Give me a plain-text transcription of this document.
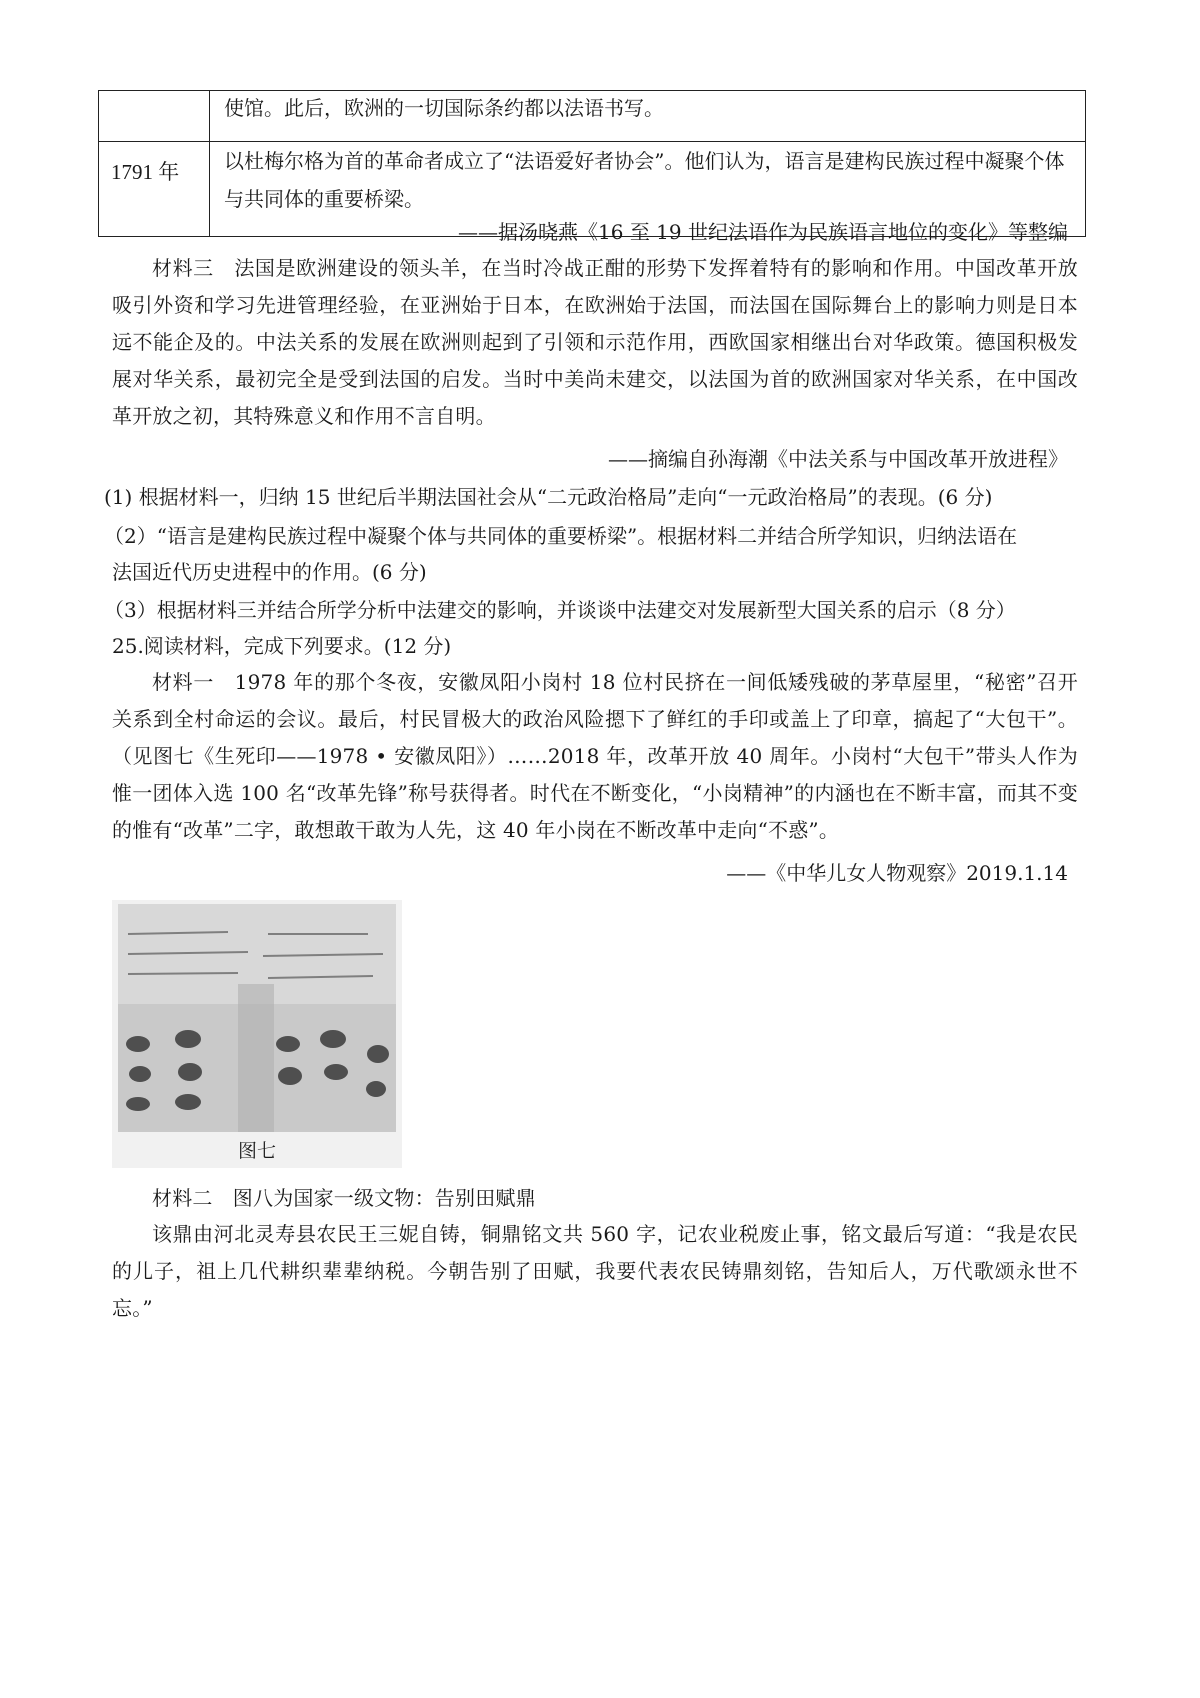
	使馆。此后，欧洲的一切国际条约都以法语书写。
1791 年	以杜梅尔格为首的革命者成立了“法语爱好者协会”。他们认为，语言是建构民族过程中凝聚个体与共同体的重要桥梁。

——据汤晓燕《16 至 19 世纪法语作为民族语言地位的变化》等整编

材料三　法国是欧洲建设的领头羊，在当时冷战正酣的形势下发挥着特有的影响和作用。中国改革开放吸引外资和学习先进管理经验，在亚洲始于日本，在欧洲始于法国，而法国在国际舞台上的影响力则是日本远不能企及的。中法关系的发展在欧洲则起到了引领和示范作用，西欧国家相继出台对华政策。德国积极发展对华关系，最初完全是受到法国的启发。当时中美尚未建交，以法国为首的欧洲国家对华关系，在中国改革开放之初，其特殊意义和作用不言自明。

——摘编自孙海潮《中法关系与中国改革开放进程》

(1) 根据材料一，归纳 15 世纪后半期法国社会从“二元政治格局”走向“一元政治格局”的表现。(6 分)

（2）“语言是建构民族过程中凝聚个体与共同体的重要桥梁”。根据材料二并结合所学知识，归纳法语在

法国近代历史进程中的作用。(6 分)

（3）根据材料三并结合所学分析中法建交的影响，并谈谈中法建交对发展新型大国关系的启示（8 分）

25.阅读材料，完成下列要求。(12 分)

材料一　1978 年的那个冬夜，安徽凤阳小岗村 18 位村民挤在一间低矮残破的茅草屋里，“秘密”召开关系到全村命运的会议。最后，村民冒极大的政治风险摁下了鲜红的手印或盖上了印章，搞起了“大包干”。（见图七《生死印——1978 • 安徽凤阳》）……2018 年，改革开放 40 周年。小岗村“大包干”带头人作为惟一团体入选 100 名“改革先锋”称号获得者。时代在不断变化，“小岗精神”的内涵也在不断丰富，而其不变的惟有“改革”二字，敢想敢干敢为人先，这 40 年小岗在不断改革中走向“不惑”。

——《中华儿女人物观察》2019.1.14

图七

材料二　图八为国家一级文物：告别田赋鼎

该鼎由河北灵寿县农民王三妮自铸，铜鼎铭文共 560 字，记农业税废止事，铭文最后写道：“我是农民的儿子，祖上几代耕织辈辈纳税。今朝告别了田赋，我要代表农民铸鼎刻铭，告知后人，万代歌颂永世不忘。”
